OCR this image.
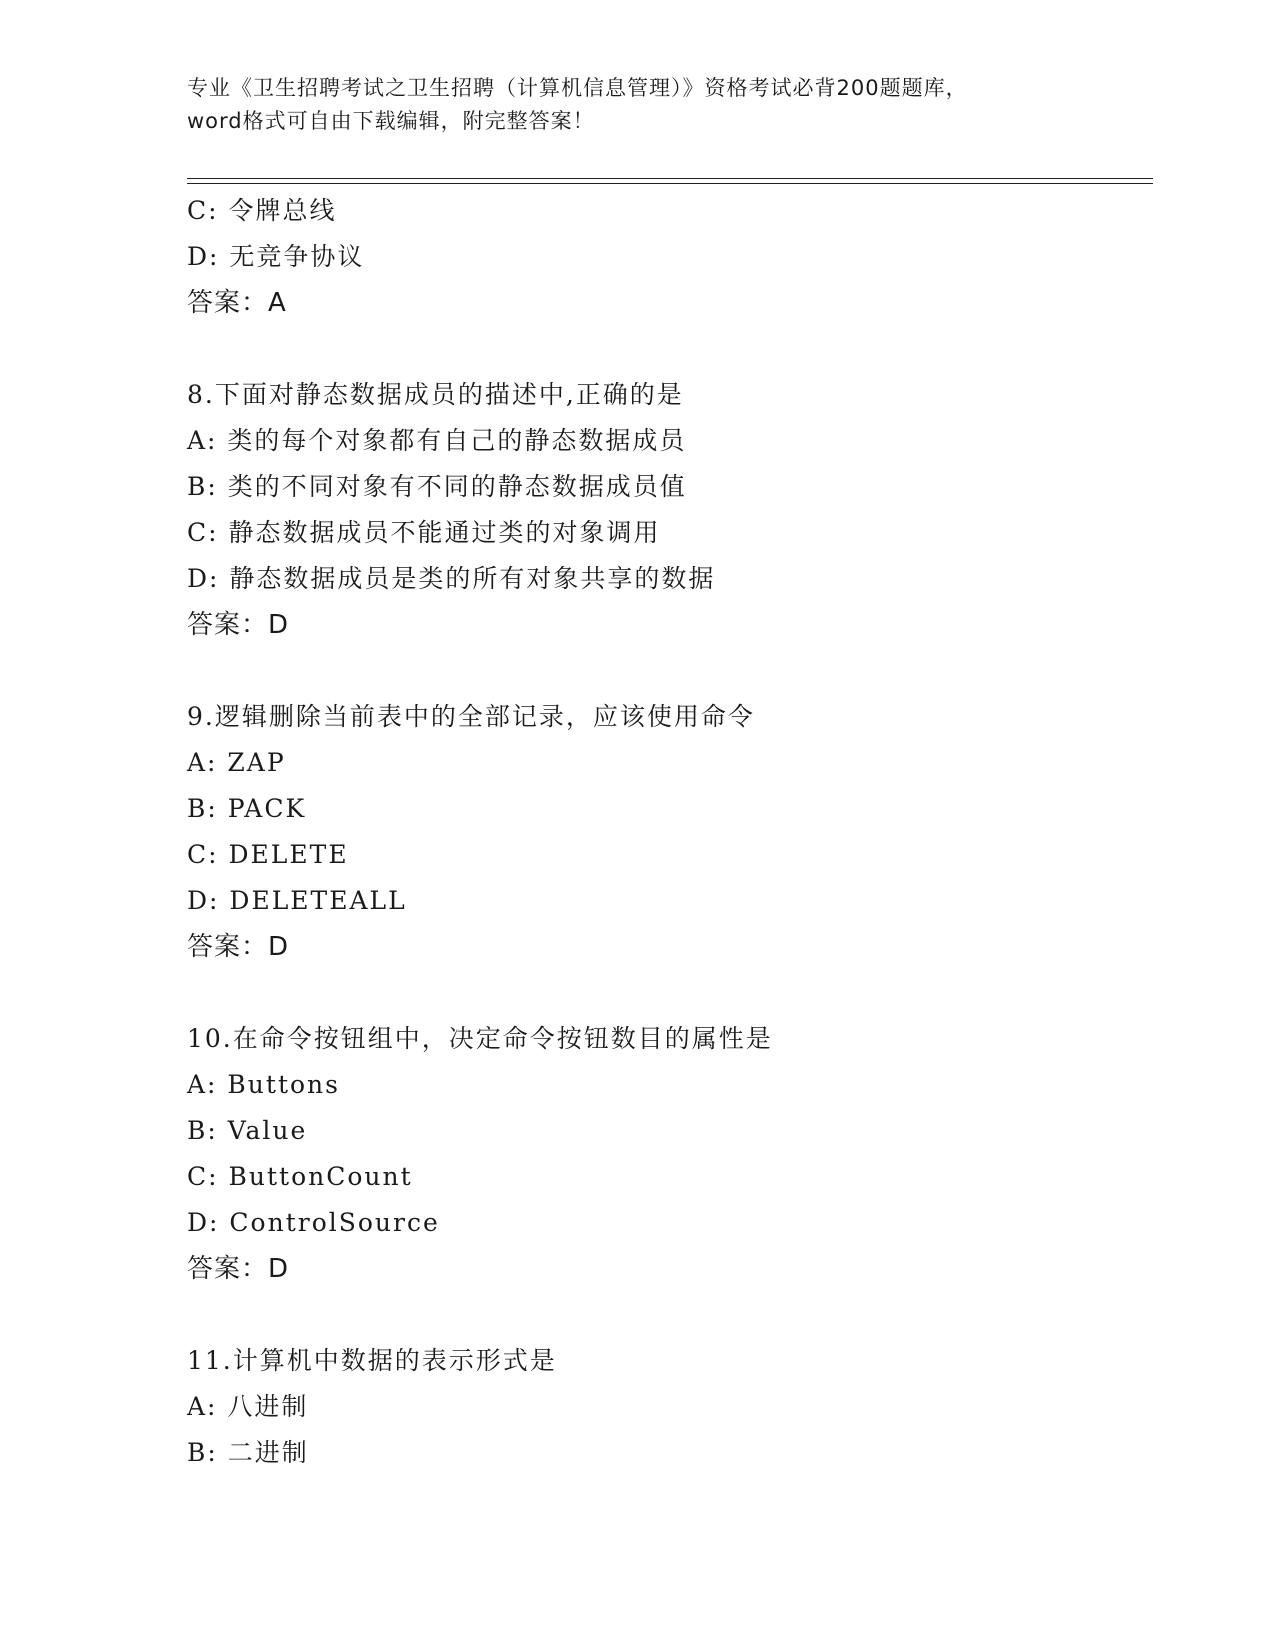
专业《卫生招聘考试之卫生招聘（计算机信息管理）》资格考试必背200题题库，
word格式可自由下载编辑，附完整答案！
C: 令牌总线
D: 无竞争协议
答案：A
8.下面对静态数据成员的描述中,正确的是
A: 类的每个对象都有自己的静态数据成员
B: 类的不同对象有不同的静态数据成员值
C: 静态数据成员不能通过类的对象调用
D: 静态数据成员是类的所有对象共享的数据
答案：D
9.逻辑删除当前表中的全部记录，应该使用命令
A: ZAP
B: PACK
C: DELETE
D: DELETEALL
答案：D
10.在命令按钮组中，决定命令按钮数目的属性是
A: Buttons
B: Value
C: ButtonCount
D: ControlSource
答案：D
11.计算机中数据的表示形式是
A: 八进制
B: 二进制
